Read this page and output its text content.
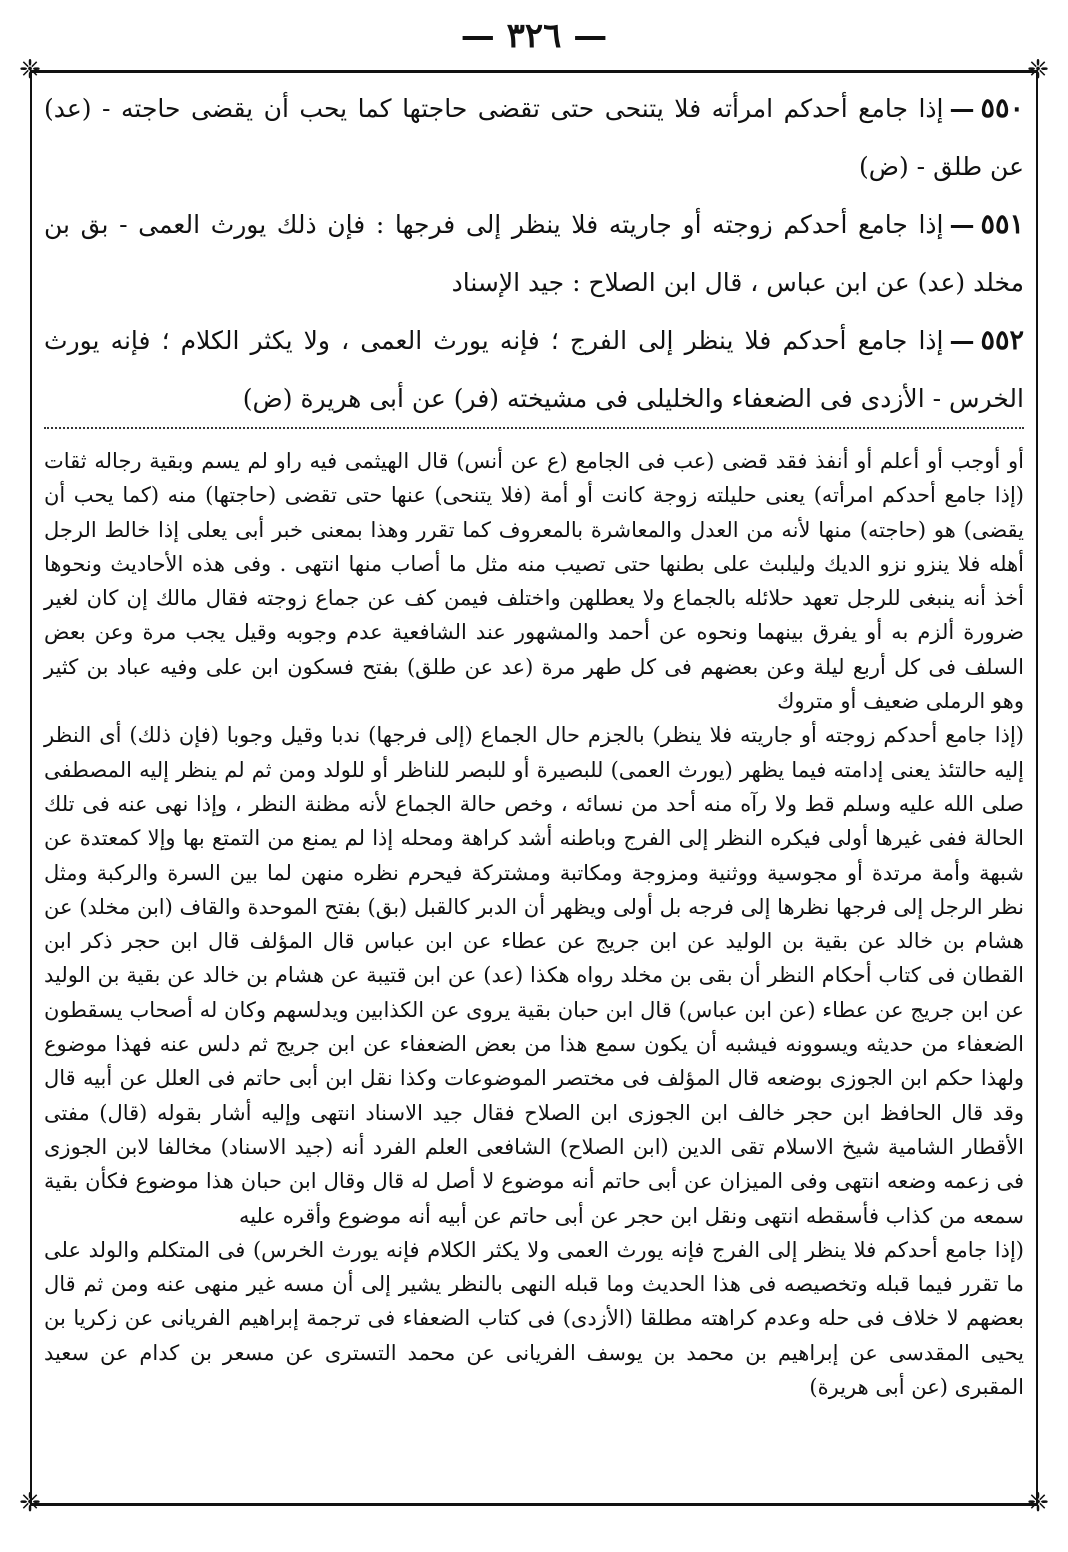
— ٣٢٦ —
❈	❈
❈	❈

٥٥٠—إذا جامع أحدكم امرأته فلا يتنحى حتى تقضى حاجتها كما يحب أن يقضى حاجته - (عد) عن طلق - (ض)

٥٥١—إذا جامع أحدكم زوجته أو جاريته فلا ينظر إلى فرجها : فإن ذلك يورث العمى - بق بن مخلد (عد) عن ابن عباس ، قال ابن الصلاح : جيد الإسناد

٥٥٢—إذا جامع أحدكم فلا ينظر إلى الفرج ؛ فإنه يورث العمى ، ولا يكثر الكلام ؛ فإنه يورث الخرس - الأزدى فى الضعفاء والخليلى فى مشيخته (فر) عن أبى هريرة (ض)

أو أوجب أو أعلم أو أنفذ فقد قضى (عب فى الجامع (ع عن أنس) قال الهيثمى فيه راو لم يسم وبقية رجاله ثقات (إذا جامع أحدكم امرأته) يعنى حليلته زوجة كانت أو أمة (فلا يتنحى) عنها حتى تقضى (حاجتها) منه (كما يحب أن يقضى) هو (حاجته) منها لأنه من العدل والمعاشرة بالمعروف كما تقرر وهذا بمعنى خبر أبى يعلى إذا خالط الرجل أهله فلا ينزو نزو الديك وليلبث على بطنها حتى تصيب منه مثل ما أصاب منها انتهى . وفى هذه الأحاديث ونحوها أخذ أنه ينبغى للرجل تعهد حلائله بالجماع ولا يعطلهن واختلف فيمن كف عن جماع زوجته فقال مالك إن كان لغير ضرورة ألزم به أو يفرق بينهما ونحوه عن أحمد والمشهور عند الشافعية عدم وجوبه وقيل يجب مرة وعن بعض السلف فى كل أربع ليلة وعن بعضهم فى كل طهر مرة (عد عن طلق) بفتح فسكون ابن على وفيه عباد بن كثير وهو الرملى ضعيف أو متروك

(إذا جامع أحدكم زوجته أو جاريته فلا ينظر) بالجزم حال الجماع (إلى فرجها) ندبا وقيل وجوبا (فإن ذلك) أى النظر إليه حالتئذ يعنى إدامته فيما يظهر (يورث العمى) للبصيرة أو للبصر للناظر أو للولد ومن ثم لم ينظر إليه المصطفى صلى الله عليه وسلم قط ولا رآه منه أحد من نسائه ، وخص حالة الجماع لأنه مظنة النظر ، وإذا نهى عنه فى تلك الحالة ففى غيرها أولى فيكره النظر إلى الفرج وباطنه أشد كراهة ومحله إذا لم يمنع من التمتع بها وإلا كمعتدة عن شبهة وأمة مرتدة أو مجوسية ووثنية ومزوجة ومكاتبة ومشتركة فيحرم نظره منهن لما بين السرة والركبة ومثل نظر الرجل إلى فرجها نظرها إلى فرجه بل أولى ويظهر أن الدبر كالقبل (بق) بفتح الموحدة والقاف (ابن مخلد) عن هشام بن خالد عن بقية بن الوليد عن ابن جريج عن عطاء عن ابن عباس قال المؤلف قال ابن حجر ذكر ابن القطان فى كتاب أحكام النظر أن بقى بن مخلد رواه هكذا (عد) عن ابن قتيبة عن هشام بن خالد عن بقية بن الوليد عن ابن جريج عن عطاء (عن ابن عباس) قال ابن حبان بقية يروى عن الكذابين ويدلسهم وكان له أصحاب يسقطون الضعفاء من حديثه ويسوونه فيشبه أن يكون سمع هذا من بعض الضعفاء عن ابن جريج ثم دلس عنه فهذا موضوع ولهذا حكم ابن الجوزى بوضعه قال المؤلف فى مختصر الموضوعات وكذا نقل ابن أبى حاتم فى العلل عن أبيه قال وقد قال الحافظ ابن حجر خالف ابن الجوزى ابن الصلاح فقال جيد الاسناد انتهى وإليه أشار بقوله (قال) مفتى الأقطار الشامية شيخ الاسلام تقى الدين (ابن الصلاح) الشافعى العلم الفرد أنه (جيد الاسناد) مخالفا لابن الجوزى فى زعمه وضعه انتهى وفى الميزان عن أبى حاتم أنه موضوع لا أصل له قال وقال ابن حبان هذا موضوع فكأن بقية سمعه من كذاب فأسقطه انتهى ونقل ابن حجر عن أبى حاتم عن أبيه أنه موضوع وأقره عليه

(إذا جامع أحدكم فلا ينظر إلى الفرج فإنه يورث العمى ولا يكثر الكلام فإنه يورث الخرس) فى المتكلم والولد على ما تقرر فيما قبله وتخصيصه فى هذا الحديث وما قبله النهى بالنظر يشير إلى أن مسه غير منهى عنه ومن ثم قال بعضهم لا خلاف فى حله وعدم كراهته مطلقا (الأزدى) فى كتاب الضعفاء فى ترجمة إبراهيم الفريانى عن زكريا بن يحيى المقدسى عن إبراهيم بن محمد بن يوسف الفريانى عن محمد التسترى عن مسعر بن كدام عن سعيد المقبرى (عن أبى هريرة)
